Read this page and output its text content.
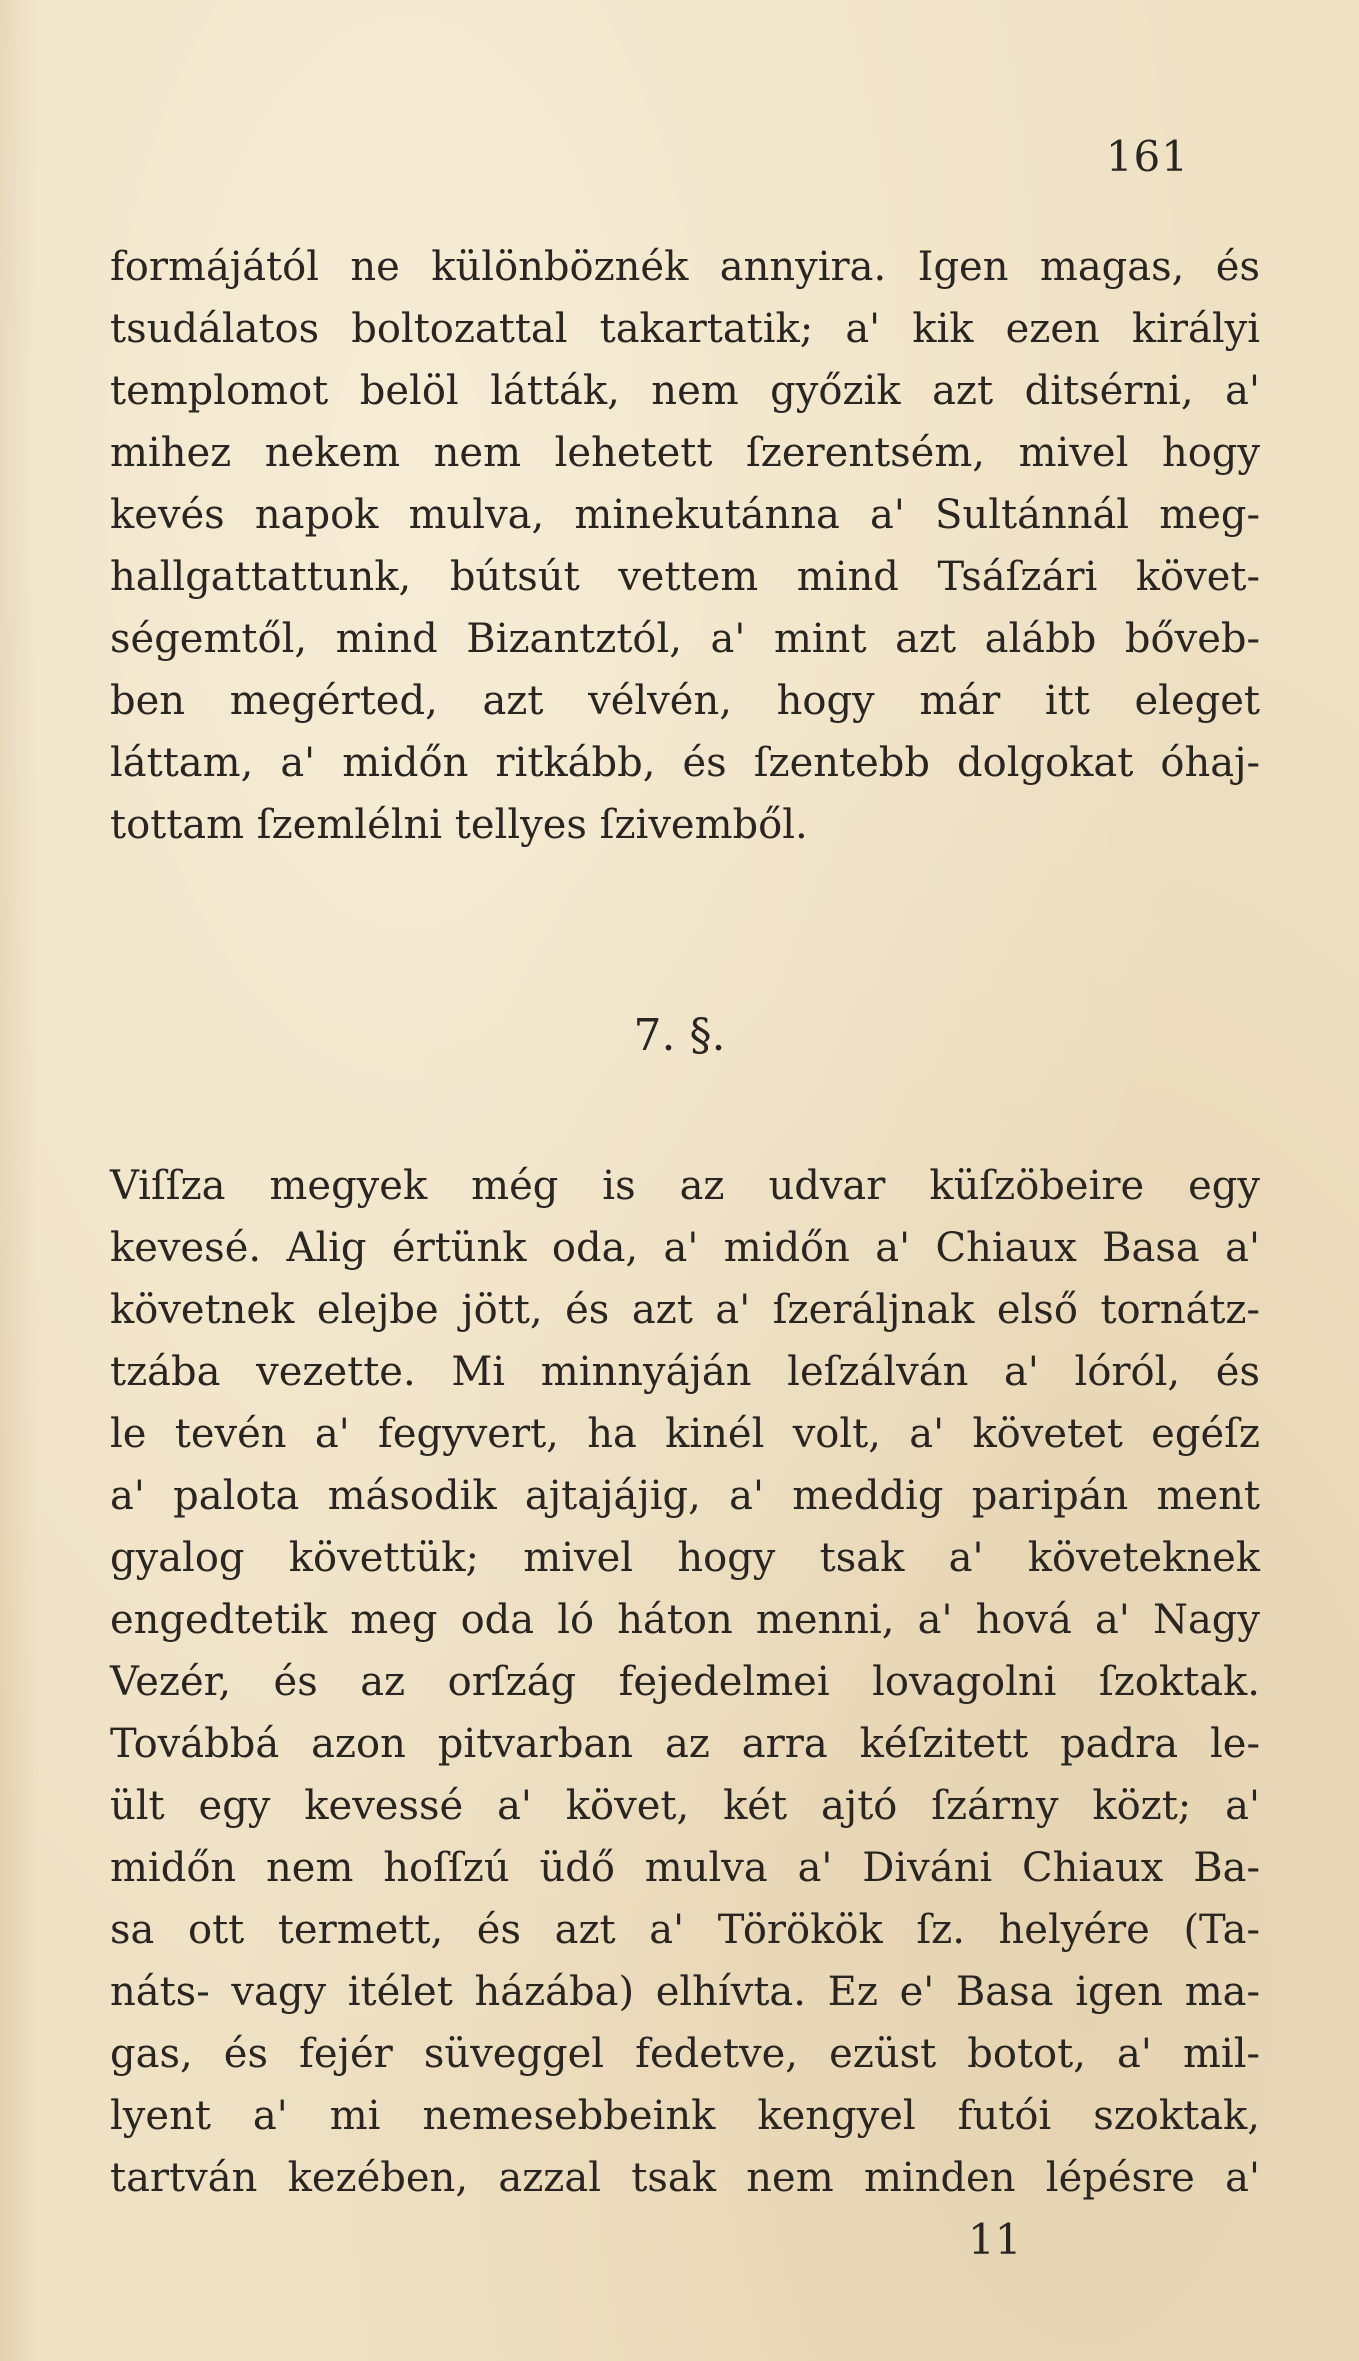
161
formájától ne különböznék annyira. Igen magas, és
tsudálatos boltozattal takartatik; a' kik ezen királyi
templomot belöl látták, nem győzik azt ditsérni, a'
mihez nekem nem lehetett ſzerentsém, mivel hogy
kevés napok mulva, minekutánna a' Sultánnál meg-
hallgattattunk, bútsút vettem mind Tsáſzári követ-
ségemtől, mind Bizantztól, a' mint azt alább bővеb-
ben megérted, azt vélvén, hogy már itt eleget
láttam, a' midőn ritkább, és ſzentebb dolgokat óhaj-
tottam ſzemlélni tellyes ſzivemből.
7. §.
Viſſza megyek még is az udvar küſzöbeire egy
kevesé. Alig értünk oda, a' midőn a' Chiaux Basa a'
követnek elejbe jött, és azt a' ſzeráljnak első tornátz-
tzába vezette. Mi minnyáján leſzálván a' lóról, és
le tevén a' fegyvert, ha kinél volt, a' követet egéſz
a' palota második ajtajájig, a' meddig paripán ment
gyalog követtük; mivel hogy tsak a' követeknek
engedtetik meg oda ló háton menni, a' hová a' Nagy
Vezér, és az orſzág fejedelmei lovagolni ſzoktak.
Továbbá azon pitvarban az arra kéſzitett padra le-
ült egy kevessé a' követ, két ajtó ſzárny közt; a'
midőn nem hoſſzú üdő mulva a' Diváni Chiaux Ba-
sa ott termett, és azt a' Törökök ſz. helyére (Ta-
náts- vagy itélet házába) elhívta. Ez e' Basa igen ma-
gas, és fejér süveggel fedetve, ezüst botot, a' mil-
lyent a' mi nemesebbeink kengyel futói szoktak,
tartván kezében, azzal tsak nem minden lépésre a'
11
